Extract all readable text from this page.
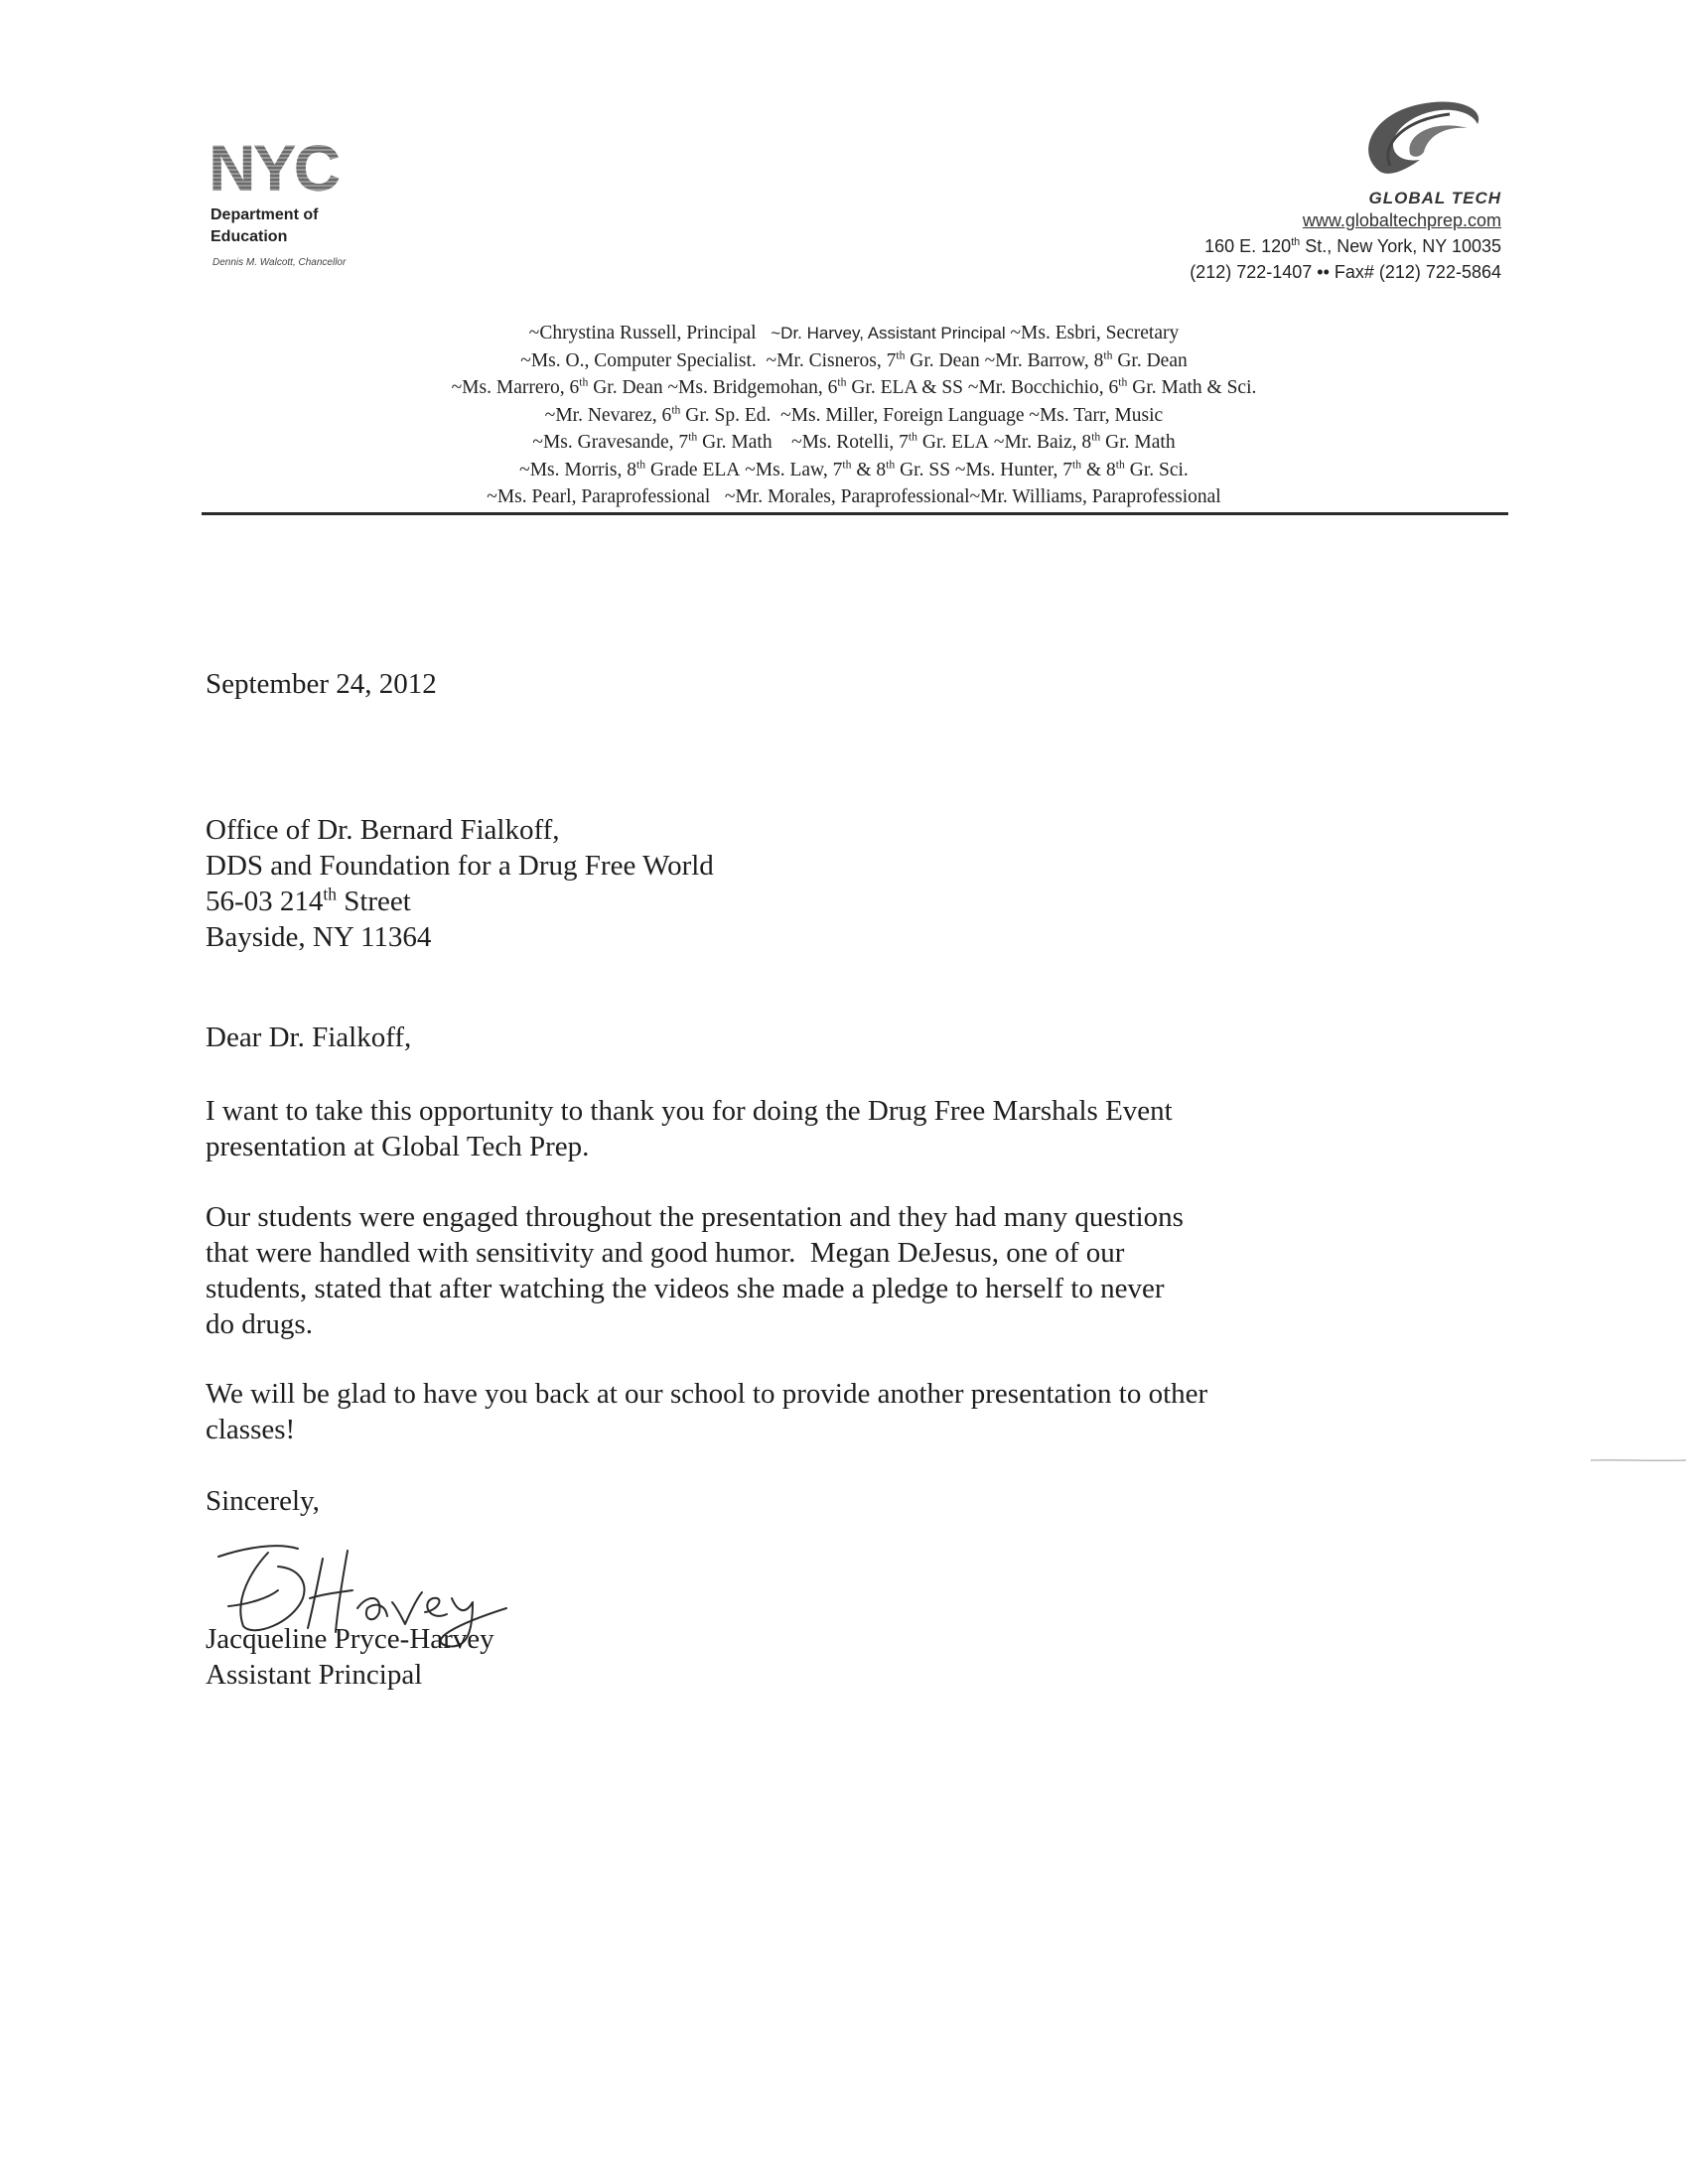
NYC
Department of
Education
Dennis M. Walcott, Chancellor
GLOBAL TECH
www.globaltechprep.com
160 E. 120th St., New York, NY 10035
(212) 722-1407 •• Fax# (212) 722-5864
~Chrystina Russell, Principal ~Dr. Harvey, Assistant Principal ~Ms. Esbri, Secretary
~Ms. O., Computer Specialist. ~Mr. Cisneros, 7th Gr. Dean ~Mr. Barrow, 8th Gr. Dean
~Ms. Marrero, 6th Gr. Dean ~Ms. Bridgemohan, 6th Gr. ELA & SS ~Mr. Bocchichio, 6th Gr. Math & Sci.
~Mr. Nevarez, 6th Gr. Sp. Ed. ~Ms. Miller, Foreign Language ~Ms. Tarr, Music
~Ms. Gravesande, 7th Gr. Math ~Ms. Rotelli, 7th Gr. ELA ~Mr. Baiz, 8th Gr. Math
~Ms. Morris, 8th Grade ELA ~Ms. Law, 7th & 8th Gr. SS ~Ms. Hunter, 7th & 8th Gr. Sci.
~Ms. Pearl, Paraprofessional ~Mr. Morales, Paraprofessional~Mr. Williams, Paraprofessional
September 24, 2012
Office of Dr. Bernard Fialkoff,
DDS and Foundation for a Drug Free World
56-03 214th Street
Bayside, NY 11364
Dear Dr. Fialkoff,
I want to take this opportunity to thank you for doing the Drug Free Marshals Event
presentation at Global Tech Prep.
Our students were engaged throughout the presentation and they had many questions
that were handled with sensitivity and good humor.  Megan DeJesus, one of our
students, stated that after watching the videos she made a pledge to herself to never
do drugs.
We will be glad to have you back at our school to provide another presentation to other
classes!
Sincerely,
Jacqueline Pryce-Harvey
Assistant Principal
